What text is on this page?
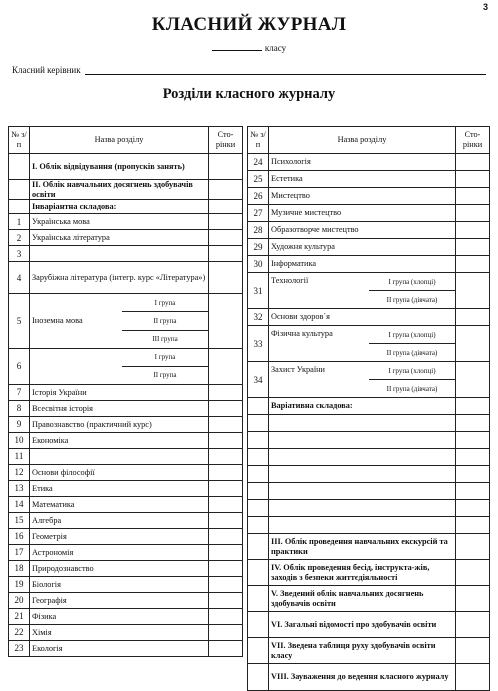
3
КЛАСНИЙ ЖУРНАЛ
класу
Класний керівник
Розділи класного журналу
№ з/п	Назва розділу	Сто-рінки

	І. Облік відвідування (пропусків занять)	

	ІІ. Облік навчальних досягнень здобувачів освіти	

	Інваріантна складова:	

1	Українська мова	

2	Українська література	

3	

4	Зарубіжна література (інтегр. курс «Література»)	

5	Іноземна мова
І група
ІІ група
ІІІ група	

6	І група
ІІ група	

7	Історія України	

8	Всесвітня історія	

9	Правознавство (практичний курс)	

10	Економіка	

11	

12	Основи філософії	

13	Етика	

14	Математика	

15	Алгебра	

16	Геометрія	

17	Астрономія	

18	Природознавство	

19	Біологія	

20	Географія	

21	Фізика	

22	Хімія	

23	Екологія	

№ з/п	Назва розділу	Сто-рінки
24	Психологія	

25	Естетика	

26	Мистецтво	

27	Музичне мистецтво	

28	Образотворче мистецтво	

29	Художня культура	

30	Інформатика	

31	Технології І група (хлопці)
ІІ група (дівчата)	

32	Основи здоров᾽я	

33	Фізична культура І група (хлопці)
ІІ група (дівчата)	

34	Захист України І група (хлопці)
ІІ група (дівчата)	

	Варіативна складова:	

	ІІІ. Облік проведення навчальних екскурсій та практики	

	IV. Облік проведення бесід, інструкта-жів, заходів з безпеки життєдіяльності	

	V. Зведений облік навчальних досягнень здобувачів освіти	

	VІ. Загальні відомості про здобувачів освіти	

	VІІ. Зведена таблиця руху здобувачів освіти класу	

	VІІІ. Зауваження до ведення класного журналу	
